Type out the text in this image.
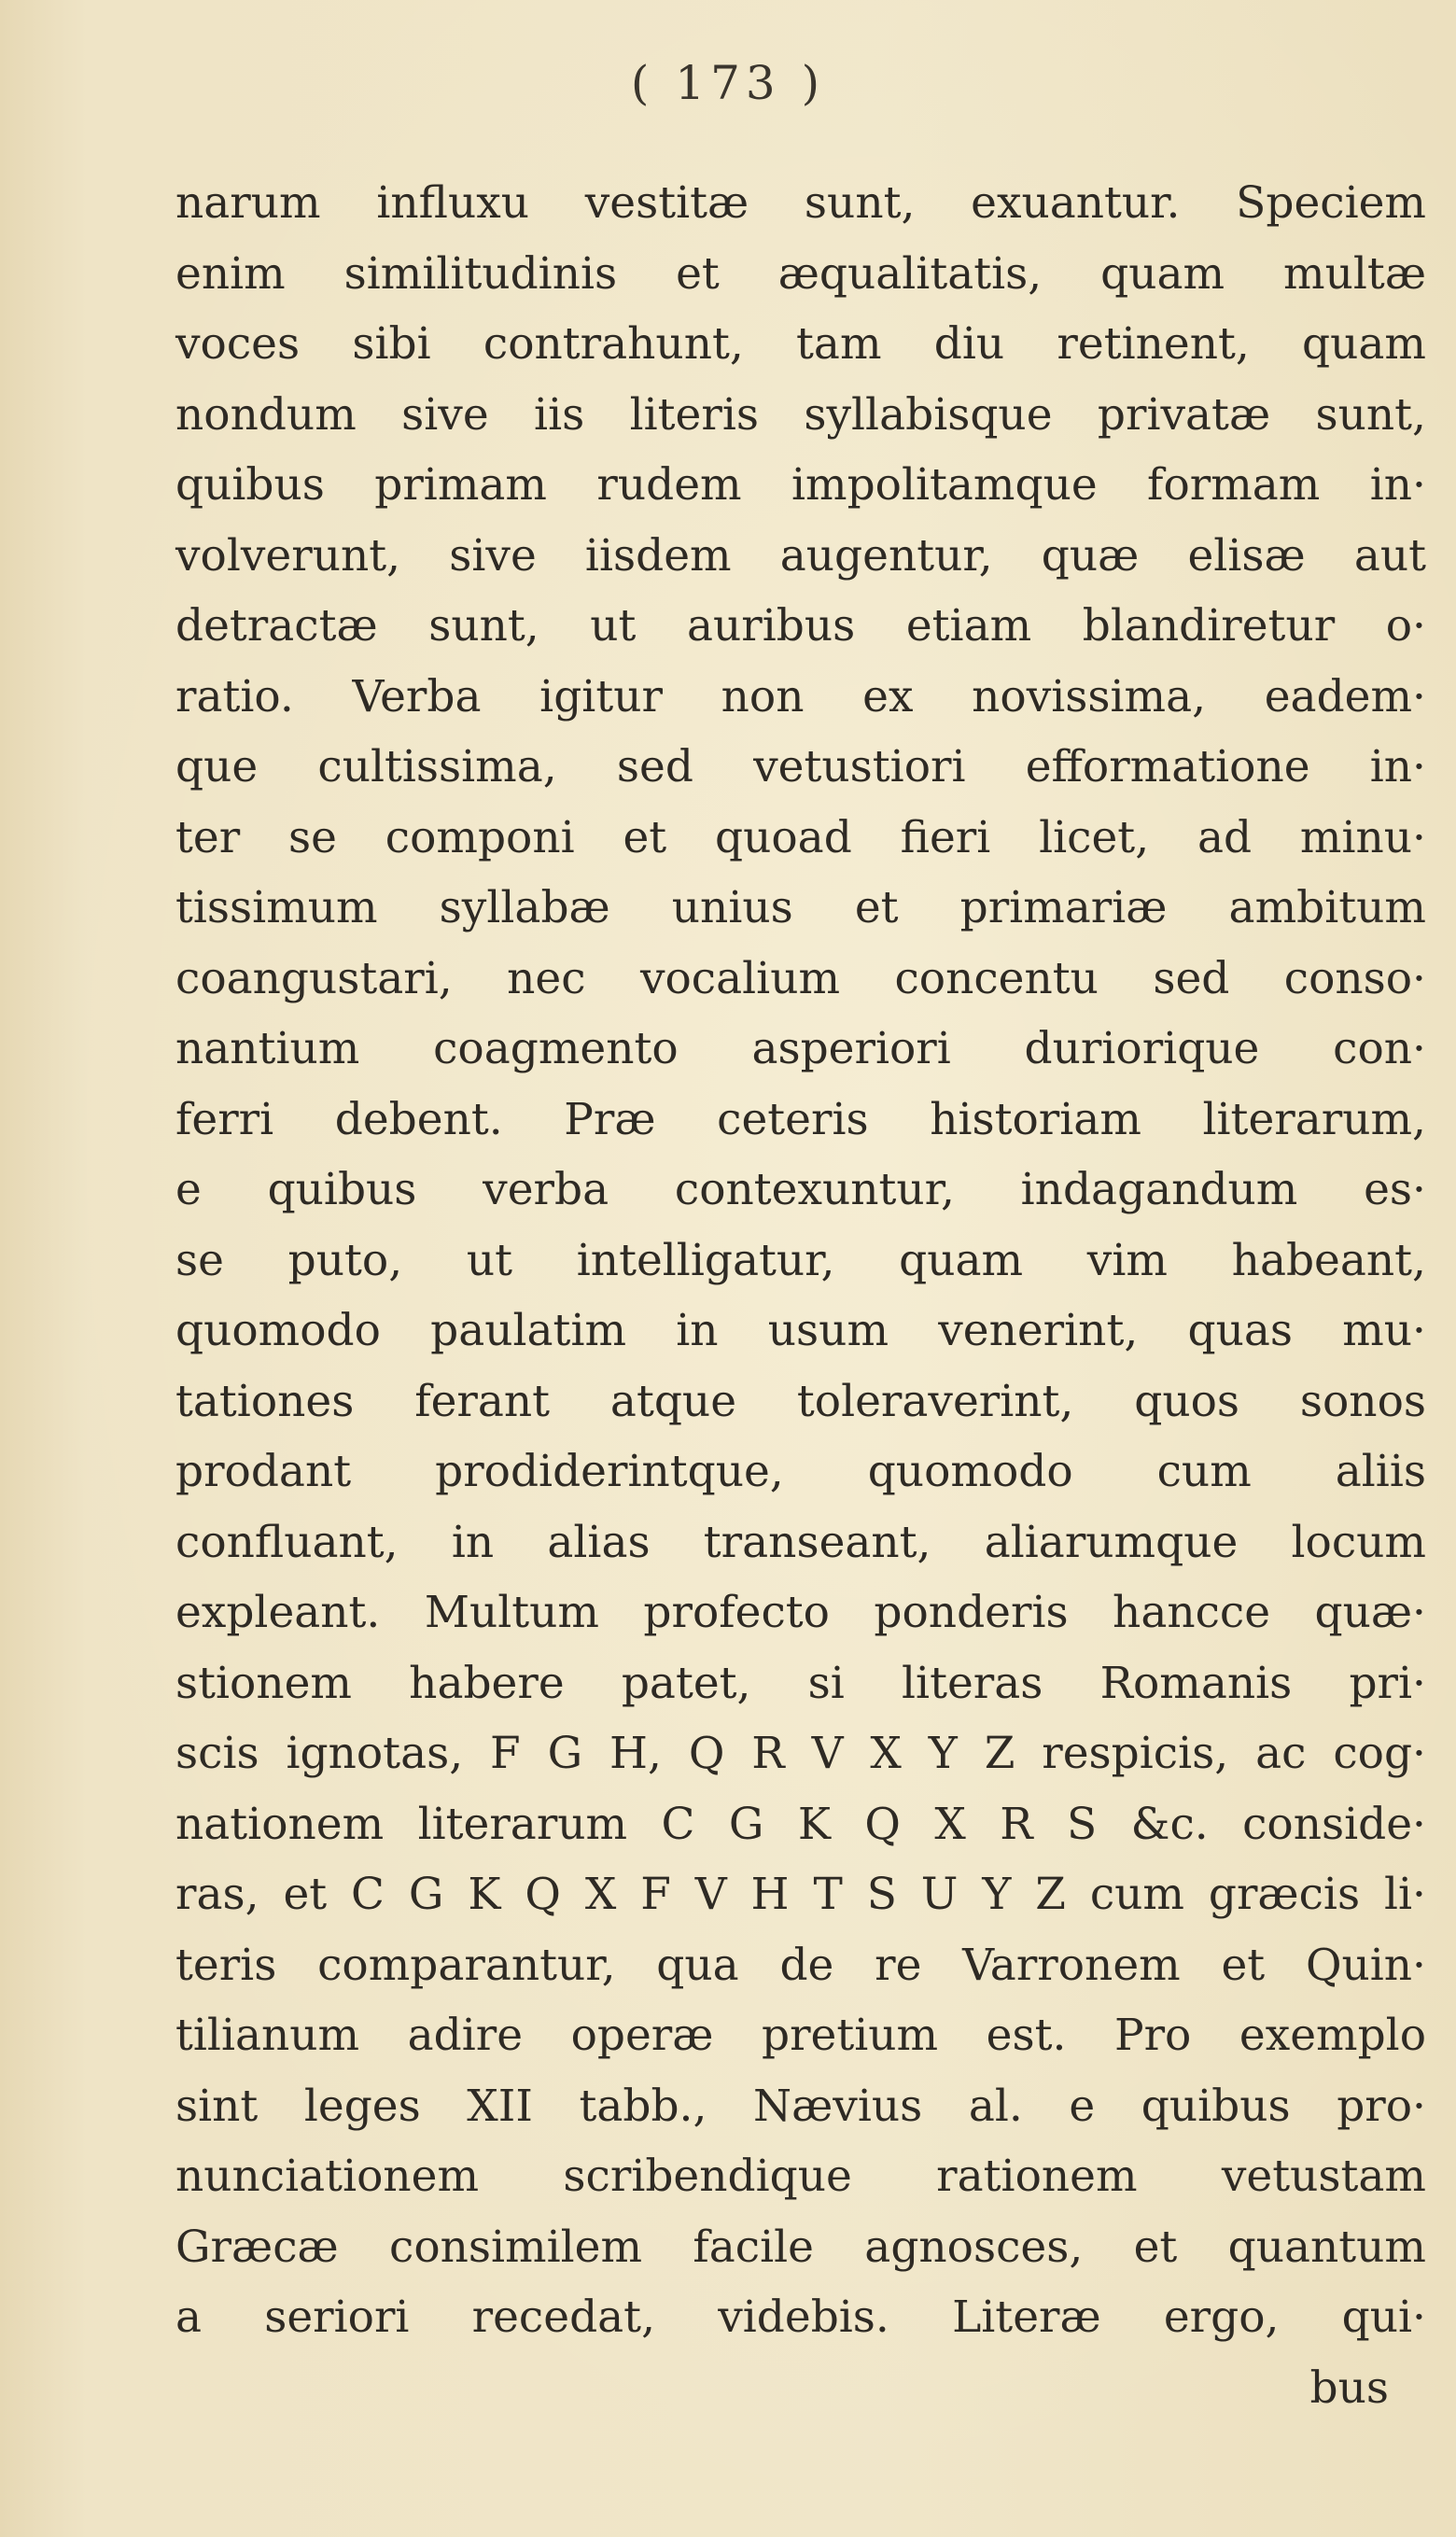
( 173 )
narum influxu vestitæ sunt, exuantur. Speciem
enim similitudinis et æqualitatis, quam multæ
voces sibi contrahunt, tam diu retinent, quam
nondum sive iis literis syllabisque privatæ sunt,
quibus primam rudem impolitamque formam in·
volverunt, sive iisdem augentur, quæ elisæ aut
detractæ sunt, ut auribus etiam blandiretur o·
ratio. Verba igitur non ex novissima, eadem·
que cultissima, sed vetustiori efformatione in·
ter se componi et quoad fieri licet, ad minu·
tissimum syllabæ unius et primariæ ambitum
coangustari, nec vocalium concentu sed conso·
nantium coagmento asperiori duriorique con·
ferri debent. Præ ceteris historiam literarum,
e quibus verba contexuntur, indagandum es·
se puto, ut intelligatur, quam vim habeant,
quomodo paulatim in usum venerint, quas mu·
tationes ferant atque toleraverint, quos sonos
prodant prodiderintque, quomodo cum aliis
confluant, in alias transeant, aliarumque locum
expleant. Multum profecto ponderis hancce quæ·
stionem habere patet, si literas Romanis pri·
scis ignotas, F G H, Q R V X Y Z respicis, ac cog·
nationem literarum C G K Q X R S &c. conside·
ras, et C G K Q X F V H T S U Y Z cum græcis li·
teris comparantur, qua de re Varronem et Quin·
tilianum adire operæ pretium est. Pro exemplo
sint leges XII tabb., Nævius al. e quibus pro·
nunciationem scribendique rationem vetustam
Græcæ consimilem facile agnosces, et quantum
a seriori recedat, videbis. Literæ ergo, qui·
bus
